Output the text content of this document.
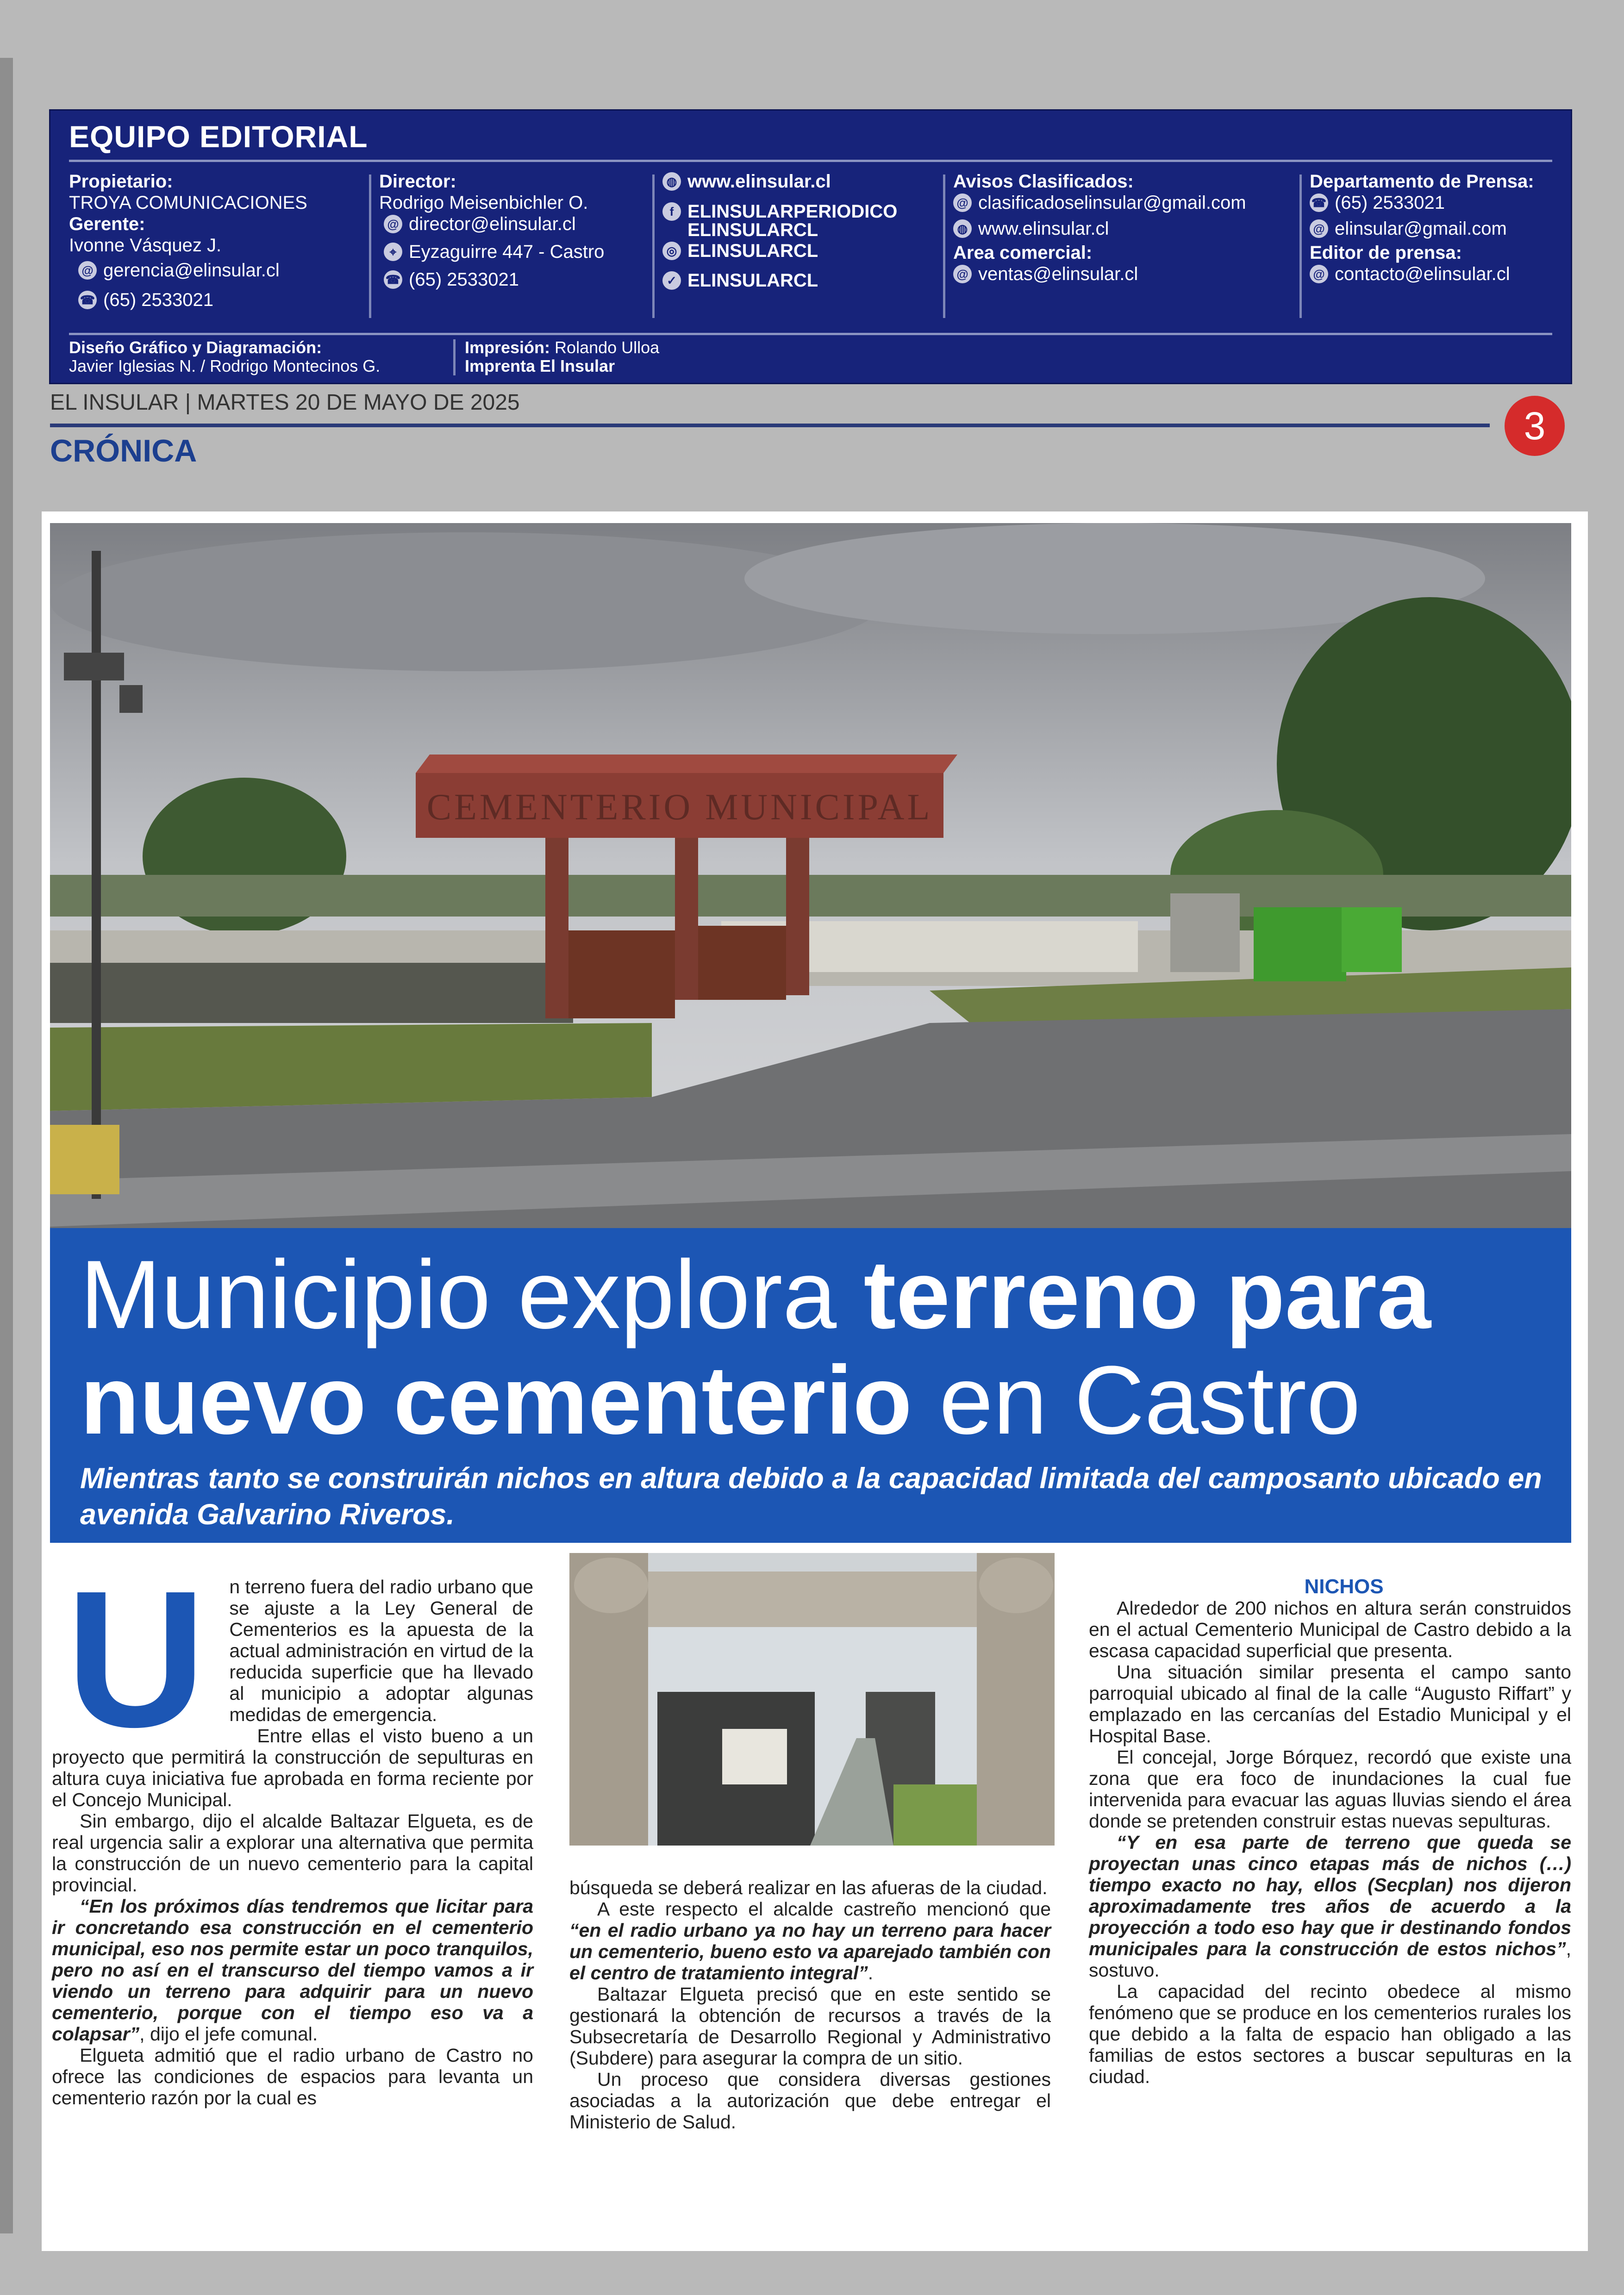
EQUIPO EDITORIAL
Propietario:
TROYA COMUNICACIONES
Gerente:
Ivonne Vásquez J.
@ gerencia@elinsular.cl
☎ (65) 2533021
Director:
Rodrigo Meisenbichler O.
@ director@elinsular.cl
⌖ Eyzaguirre 447 - Castro
☎ (65) 2533021
◍ www.elinsular.cl
f ELINSULARPERIODICO
ELINSULARCL
◎ ELINSULARCL
✓ ELINSULARCL
Avisos Clasificados:
@ clasificadoselinsular@gmail.com
◍ www.elinsular.cl
Area comercial:
@ ventas@elinsular.cl
Departamento de Prensa:
☎ (65) 2533021
@ elinsular@gmail.com
Editor de prensa:
@ contacto@elinsular.cl
Diseño Gráfico y Diagramación:
Javier Iglesias N. / Rodrigo Montecinos G.
Impresión: Rolando Ulloa
Imprenta El Insular
EL INSULAR | MARTES 20 DE MAYO DE 2025
3
CRÓNICA
CEMENTERIO MUNICIPAL
Municipio explora terreno para
nuevo cementerio en Castro
Mientras tanto se construirán nichos en altura debido a la capacidad limitada del camposanto ubicado en avenida Galvarino Riveros.
U	n terreno fuera del radio urbano que se ajuste a la Ley General de Cementerios es la apuesta de la actual administración en virtud de la reducida superficie que ha llevado al municipio a adoptar algunas medidas de emergencia.

Entre ellas el visto bueno a un proyecto que permitirá la construcción de sepulturas en altura cuya iniciativa fue aprobada en forma reciente por el Concejo Municipal.

Sin embargo, dijo el alcalde Baltazar Elgueta, es de real urgencia salir a explorar una alternativa que permita la construcción de un nuevo cementerio para la capital provincial.

“En los próximos días tendremos que licitar para ir concretando esa construcción en el cementerio municipal, eso nos permite estar un poco tranquilos, pero no así en el transcurso del tiempo vamos a ir viendo un terreno para adquirir para un nuevo cementerio, porque con el tiempo eso va a colapsar”, dijo el jefe comunal.

Elgueta admitió que el radio urbano de Castro no ofrece las condiciones de espacios para levanta un cementerio razón por la cual es

búsqueda se deberá realizar en las afueras de la ciudad.

A este respecto el alcalde castreño mencionó que “en el radio urbano ya no hay un terreno para hacer un cementerio, bueno esto va aparejado también con el centro de tratamiento integral”.

Baltazar Elgueta precisó que en este sentido se gestionará la obtención de recursos a través de la Subsecretaría de Desarrollo Regional y Administrativo (Subdere) para asegurar la compra de un sitio.

Un proceso que considera diversas gestiones asociadas a la autorización que debe entregar el Ministerio de Salud.

NICHOS

Alrededor de 200 nichos en altura serán construidos en el actual Cementerio Municipal de Castro debido a la escasa capacidad superficial que presenta.

Una situación similar presenta el campo santo parroquial ubicado al final de la calle “Augusto Riffart” y emplazado en las cercanías del Estadio Municipal y el Hospital Base.

El concejal, Jorge Bórquez, recordó que existe una zona que era foco de inundaciones la cual fue intervenida para evacuar las aguas lluvias siendo el área donde se pretenden construir estas nuevas sepulturas.

“Y en esa parte de terreno que queda se proyectan unas cinco etapas más de nichos (…) tiempo exacto no hay, ellos (Secplan) nos dijeron aproximadamente tres años de acuerdo a la proyección a todo eso hay que ir destinando fondos municipales para la construcción de estos nichos”, sostuvo.

La capacidad del recinto obedece al mismo fenómeno que se produce en los cementerios rurales los que debido a la falta de espacio han obligado a las familias de estos sectores a buscar sepulturas en la ciudad.
